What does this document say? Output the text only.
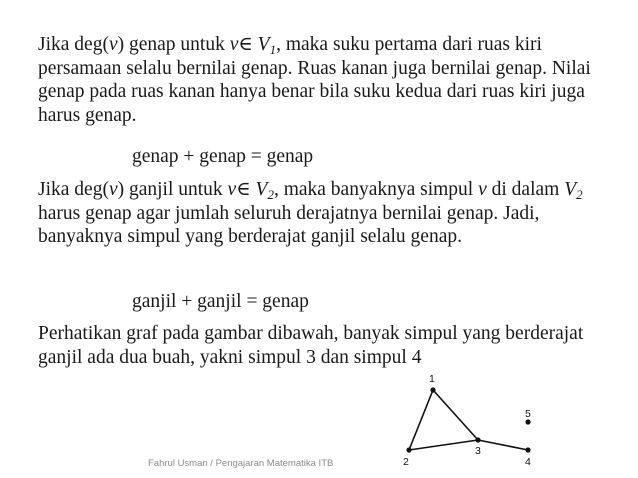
Jika deg(v) genap untuk v∈ $V_1$, maka suku pertama dari ruas kiri persamaan selalu bernilai genap. Ruas kanan juga bernilai genap. Nilai genap pada ruas kanan hanya benar bila suku kedua dari ruas kiri juga harus genap.

genap + genap = genap

Jika deg(v) ganjil untuk v∈ $V_2$, maka banyaknya simpul v di dalam $V_2$ harus genap agar jumlah seluruh derajatnya bernilai genap. Jadi, banyaknya simpul yang berderajat ganjil selalu genap.

ganjil + ganjil = genap

Perhatikan graf pada gambar dibawah, banyak simpul yang berderajat ganjil ada dua buah, yakni simpul 3 dan simpul 4

Fahrul Usman / Pengajaran Matematika ITB
1
2
3
4
5
